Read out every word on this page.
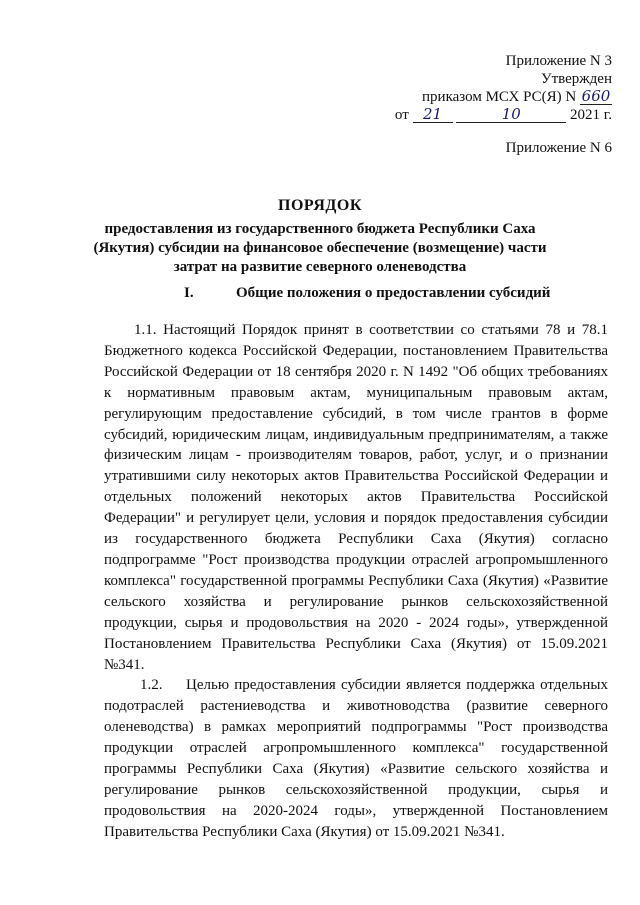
Приложение N 3
Утвержден
приказом МСХ РС(Я) N 660
от 21	10	2021 г.
Приложение N 6
ПОРЯДОК
предоставления из государственного бюджета Республики Саха
(Якутия) субсидии на финансовое обеспечение (возмещение) части
затрат на развитие северного оленеводства
I.	Общие положения о предоставлении субсидий

1.1. Настоящий Порядок принят в соответствии со статьями 78 и 78.1 Бюджетного кодекса Российской Федерации, постановлением Правительства Российской Федерации от 18 сентября 2020 г. N 1492 "Об общих требованиях к нормативным правовым актам, муниципальным правовым актам, регулирующим предоставление субсидий, в том числе грантов в форме субсидий, юридическим лицам, индивидуальным предпринимателям, а также физическим лицам - производителям товаров, работ, услуг, и о признании утратившими силу некоторых актов Правительства Российской Федерации и отдельных положений некоторых актов Правительства Российской Федерации" и регулирует цели, условия и порядок предоставления субсидии из государственного бюджета Республики Саха (Якутия) согласно подпрограмме "Рост производства продукции отраслей агропромышленного комплекса" государственной программы Республики Саха (Якутия) «Развитие сельского хозяйства и регулирование рынков сельскохозяйственной продукции, сырья и продовольствия на 2020 - 2024 годы», утвержденной Постановлением Правительства Республики Саха (Якутия) от 15.09.2021 №341.

1.2. Целью предоставления субсидии является поддержка отдельных подотраслей растениеводства и животноводства (развитие северного оленеводства) в рамках мероприятий подпрограммы "Рост производства продукции отраслей агропромышленного комплекса" государственной программы Республики Саха (Якутия) «Развитие сельского хозяйства и регулирование рынков сельскохозяйственной продукции, сырья и продовольствия на 2020-2024 годы», утвержденной Постановлением Правительства Республики Саха (Якутия) от 15.09.2021 №341.
